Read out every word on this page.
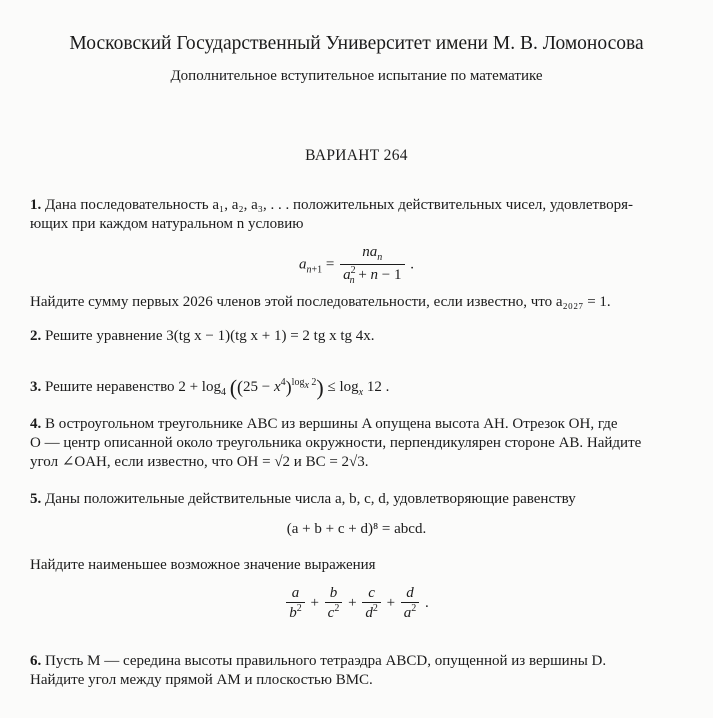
Московский Государственный Университет имени М. В. Ломоносова
Дополнительное вступительное испытание по математике
ВАРИАНТ 264
1. Дана последовательность a₁, a₂, a₃, . . . положительных действительных чисел, удовлетворя-
ющих при каждом натуральном n условию
$a_{n+1} = \frac{na_n}{a^2_n + n - 1}$ .
Найдите сумму первых 2026 членов этой последовательности, если известно, что a₂₀₂₇ = 1.
2. Решите уравнение 3(tg x − 1)(tg x + 1) = 2 tg x tg 4x.
3. Решите неравенство $2 + \log_4 ((25 - x^4)^{log_x 2}) \le \log_x 12$ .
4. В остроугольном треугольнике ABC из вершины A опущена высота AH. Отрезок OH, где
O — центр описанной около треугольника окружности, перпендикулярен стороне AB. Найдите
угол ∠OAH, если известно, что OH = √2 и BC = 2√3.
5. Даны положительные действительные числа a, b, c, d, удовлетворяющие равенству
(a + b + c + d)⁸ = abcd.
Найдите наименьшее возможное значение выражения
$\frac{a}{b^2} + \frac{b}{c^2} + \frac{c}{d^2} + \frac{d}{a^2}$ .
6. Пусть M — середина высоты правильного тетраэдра ABCD, опущенной из вершины D.
Найдите угол между прямой AM и плоскостью BMC.
